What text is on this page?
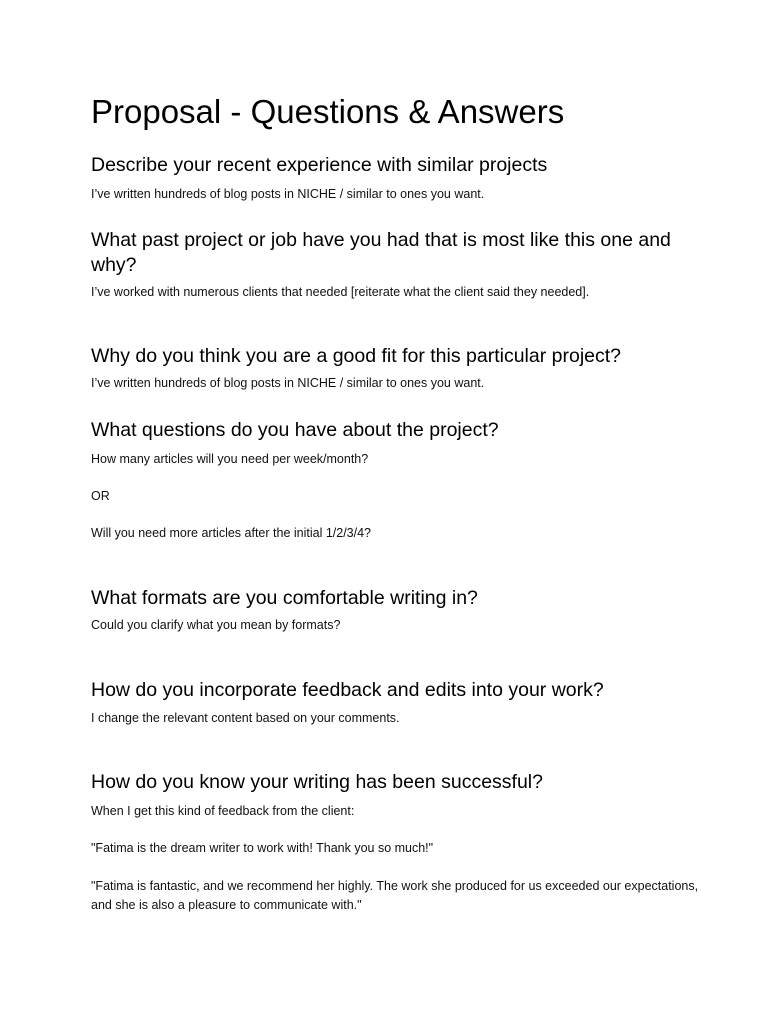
Proposal - Questions & Answers
Describe your recent experience with similar projects

I’ve written hundreds of blog posts in NICHE / similar to ones you want.

What past project or job have you had that is most like this one and why?

I’ve worked with numerous clients that needed [reiterate what the client said they needed].

Why do you think you are a good fit for this particular project?

I’ve written hundreds of blog posts in NICHE / similar to ones you want.

What questions do you have about the project?

How many articles will you need per week/month?

OR

Will you need more articles after the initial 1/2/3/4?

What formats are you comfortable writing in?

Could you clarify what you mean by formats?

How do you incorporate feedback and edits into your work?

I change the relevant content based on your comments.

How do you know your writing has been successful?

When I get this kind of feedback from the client:

"Fatima is the dream writer to work with! Thank you so much!"

"Fatima is fantastic, and we recommend her highly. The work she produced for us exceeded our expectations, and she is also a pleasure to communicate with."
